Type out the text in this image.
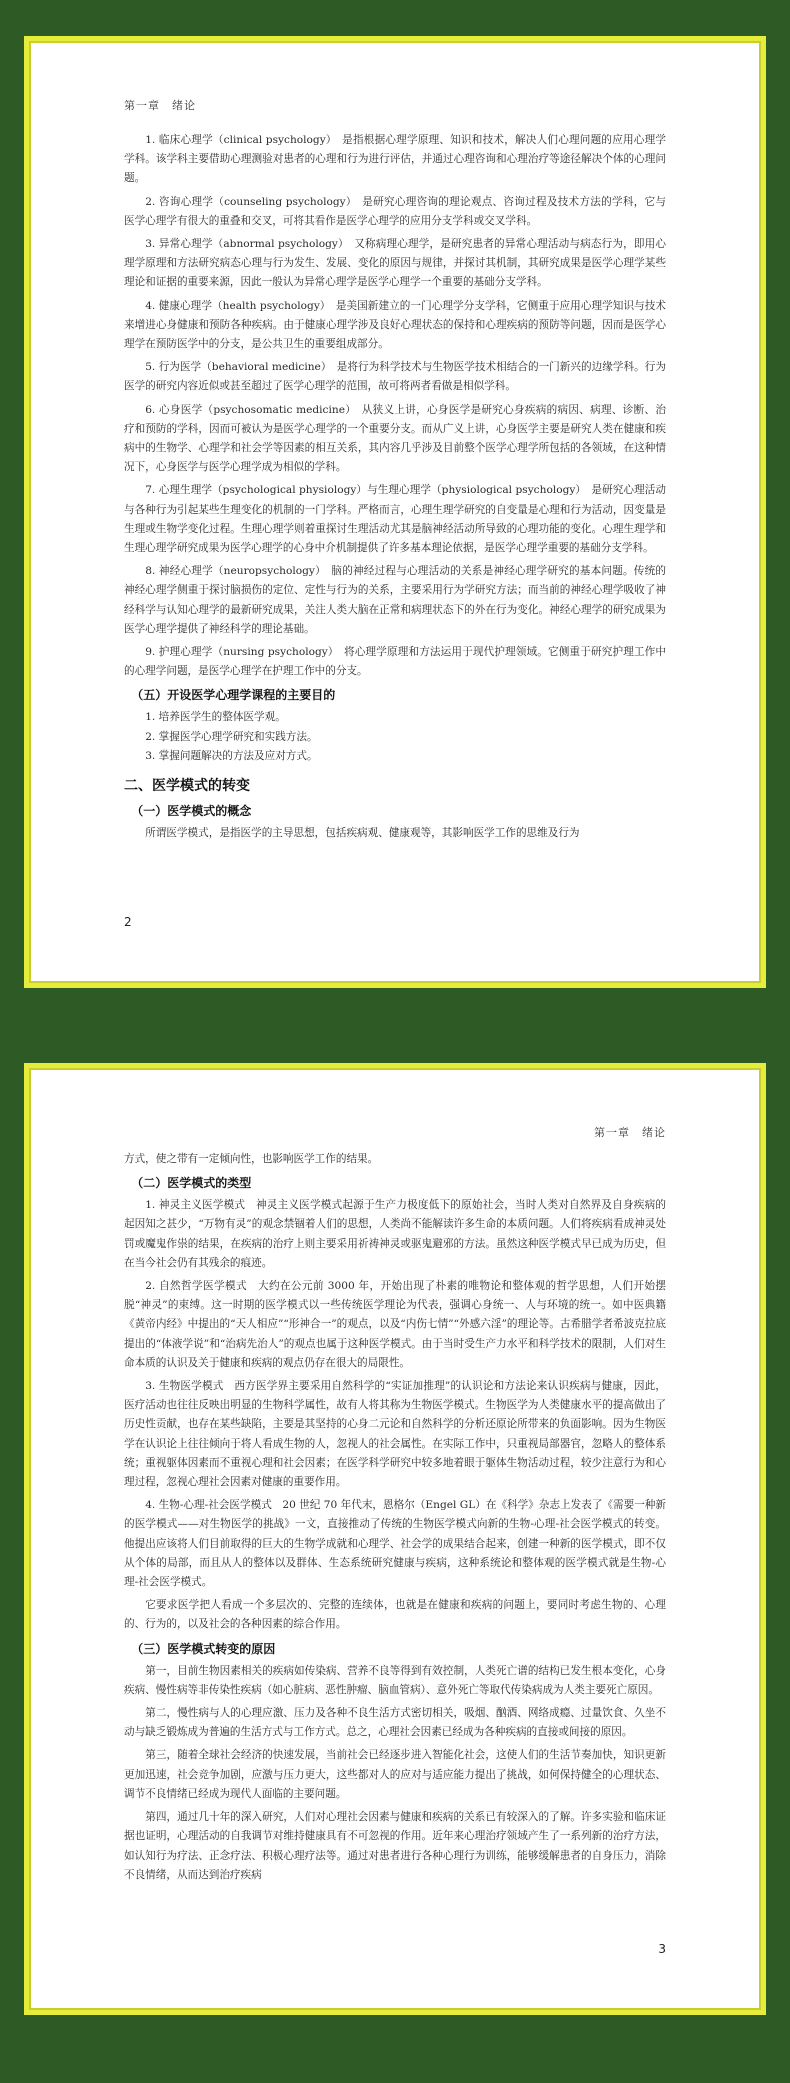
第一章　绪论

1. 临床心理学（clinical psychology）　是指根据心理学原理、知识和技术，解决人们心理问题的应用心理学学科。该学科主要借助心理测验对患者的心理和行为进行评估，并通过心理咨询和心理治疗等途径解决个体的心理问题。

2. 咨询心理学（counseling psychology）　是研究心理咨询的理论观点、咨询过程及技术方法的学科，它与医学心理学有很大的重叠和交叉，可将其看作是医学心理学的应用分支学科或交叉学科。

3. 异常心理学（abnormal psychology）　又称病理心理学，是研究患者的异常心理活动与病态行为，即用心理学原理和方法研究病态心理与行为发生、发展、变化的原因与规律，并探讨其机制，其研究成果是医学心理学某些理论和证据的重要来源，因此一般认为异常心理学是医学心理学一个重要的基础分支学科。

4. 健康心理学（health psychology）　是美国新建立的一门心理学分支学科，它侧重于应用心理学知识与技术来增进心身健康和预防各种疾病。由于健康心理学涉及良好心理状态的保持和心理疾病的预防等问题，因而是医学心理学在预防医学中的分支，是公共卫生的重要组成部分。

5. 行为医学（behavioral medicine）　是将行为科学技术与生物医学技术相结合的一门新兴的边缘学科。行为医学的研究内容近似或甚至超过了医学心理学的范围，故可将两者看做是相似学科。

6. 心身医学（psychosomatic medicine）　从狭义上讲，心身医学是研究心身疾病的病因、病理、诊断、治疗和预防的学科，因而可被认为是医学心理学的一个重要分支。而从广义上讲，心身医学主要是研究人类在健康和疾病中的生物学、心理学和社会学等因素的相互关系，其内容几乎涉及目前整个医学心理学所包括的各领域，在这种情况下，心身医学与医学心理学成为相似的学科。

7. 心理生理学（psychological physiology）与生理心理学（physiological psychology）　是研究心理活动与各种行为引起某些生理变化的机制的一门学科。严格而言，心理生理学研究的自变量是心理和行为活动，因变量是生理或生物学变化过程。生理心理学则着重探讨生理活动尤其是脑神经活动所导致的心理功能的变化。心理生理学和生理心理学研究成果为医学心理学的心身中介机制提供了许多基本理论依据，是医学心理学重要的基础分支学科。

8. 神经心理学（neuropsychology）　脑的神经过程与心理活动的关系是神经心理学研究的基本问题。传统的神经心理学侧重于探讨脑损伤的定位、定性与行为的关系，主要采用行为学研究方法；而当前的神经心理学吸收了神经科学与认知心理学的最新研究成果，关注人类大脑在正常和病理状态下的外在行为变化。神经心理学的研究成果为医学心理学提供了神经科学的理论基础。

9. 护理心理学（nursing psychology）　将心理学原理和方法运用于现代护理领域。它侧重于研究护理工作中的心理学问题，是医学心理学在护理工作中的分支。

（五）开设医学心理学课程的主要目的
1. 培养医学生的整体医学观。
2. 掌握医学心理学研究和实践方法。
3. 掌握问题解决的方法及应对方式。
二、医学模式的转变
（一）医学模式的概念

所谓医学模式，是指医学的主导思想，包括疾病观、健康观等，其影响医学工作的思维及行为

2
第一章　绪论

方式，使之带有一定倾向性，也影响医学工作的结果。

（二）医学模式的类型

1. 神灵主义医学模式　神灵主义医学模式起源于生产力极度低下的原始社会，当时人类对自然界及自身疾病的起因知之甚少，“万物有灵”的观念禁锢着人们的思想，人类尚不能解读许多生命的本质问题。人们将疾病看成神灵处罚或魔鬼作祟的结果，在疾病的治疗上则主要采用祈祷神灵或驱鬼避邪的方法。虽然这种医学模式早已成为历史，但在当今社会仍有其残余的痕迹。

2. 自然哲学医学模式　大约在公元前 3000 年，开始出现了朴素的唯物论和整体观的哲学思想，人们开始摆脱“神灵”的束缚。这一时期的医学模式以一些传统医学理论为代表，强调心身统一、人与环境的统一。如中医典籍《黄帝内经》中提出的“天人相应”“形神合一”的观点，以及“内伤七情”“外感六淫”的理论等。古希腊学者希波克拉底提出的“体液学说”和“治病先治人”的观点也属于这种医学模式。由于当时受生产力水平和科学技术的限制，人们对生命本质的认识及关于健康和疾病的观点仍存在很大的局限性。

3. 生物医学模式　西方医学界主要采用自然科学的“实证加推理”的认识论和方法论来认识疾病与健康，因此，医疗活动也往往反映出明显的生物科学属性，故有人将其称为生物医学模式。生物医学为人类健康水平的提高做出了历史性贡献，也存在某些缺陷，主要是其坚持的心身二元论和自然科学的分析还原论所带来的负面影响。因为生物医学在认识论上往往倾向于将人看成生物的人，忽视人的社会属性。在实际工作中，只重视局部器官，忽略人的整体系统；重视躯体因素而不重视心理和社会因素；在医学科学研究中较多地着眼于躯体生物活动过程，较少注意行为和心理过程，忽视心理社会因素对健康的重要作用。

4. 生物-心理-社会医学模式　20 世纪 70 年代末，恩格尔（Engel GL）在《科学》杂志上发表了《需要一种新的医学模式——对生物医学的挑战》一文，直接推动了传统的生物医学模式向新的生物-心理-社会医学模式的转变。他提出应该将人们目前取得的巨大的生物学成就和心理学、社会学的成果结合起来，创建一种新的医学模式，即不仅从个体的局部，而且从人的整体以及群体、生态系统研究健康与疾病，这种系统论和整体观的医学模式就是生物-心理-社会医学模式。

它要求医学把人看成一个多层次的、完整的连续体，也就是在健康和疾病的问题上，要同时考虑生物的、心理的、行为的，以及社会的各种因素的综合作用。

（三）医学模式转变的原因

第一，目前生物因素相关的疾病如传染病、营养不良等得到有效控制，人类死亡谱的结构已发生根本变化，心身疾病、慢性病等非传染性疾病（如心脏病、恶性肿瘤、脑血管病）、意外死亡等取代传染病成为人类主要死亡原因。

第二，慢性病与人的心理应激、压力及各种不良生活方式密切相关，吸烟、酗酒、网络成瘾、过量饮食、久坐不动与缺乏锻炼成为普遍的生活方式与工作方式。总之，心理社会因素已经成为各种疾病的直接或间接的原因。

第三，随着全球社会经济的快速发展，当前社会已经逐步进入智能化社会，这使人们的生活节奏加快，知识更新更加迅速，社会竞争加剧，应激与压力更大，这些都对人的应对与适应能力提出了挑战，如何保持健全的心理状态、调节不良情绪已经成为现代人面临的主要问题。

第四，通过几十年的深入研究，人们对心理社会因素与健康和疾病的关系已有较深入的了解。许多实验和临床证据也证明，心理活动的自我调节对维持健康具有不可忽视的作用。近年来心理治疗领域产生了一系列新的治疗方法，如认知行为疗法、正念疗法、积极心理疗法等。通过对患者进行各种心理行为训练，能够缓解患者的自身压力，消除不良情绪，从而达到治疗疾病

3
